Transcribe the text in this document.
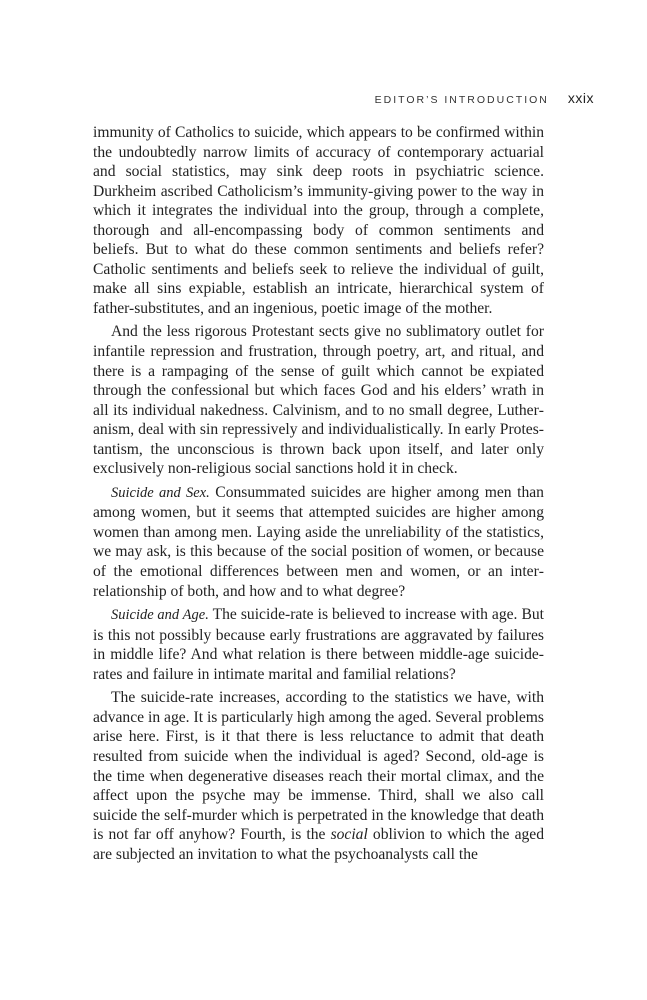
EDITOR’S INTRODUCTION xxix

immunity of Catholics to suicide, which appears to be confirmed within the undoubtedly narrow limits of accuracy of contemporary actuarial and social statistics, may sink deep roots in psychiatric science. Durkheim ascribed Catholicism’s immunity-giving power to the way in which it integrates the individual into the group, through a complete, thorough and all-encompassing body of common sentiments and beliefs. But to what do these common sentiments and beliefs refer? Catholic sentiments and beliefs seek to relieve the individual of guilt, make all sins expiable, establish an intricate, hierarchical system of father-substitutes, and an ingenious, poetic image of the mother.

And the less rigorous Protestant sects give no sublimatory outlet for infantile repression and frustration, through poetry, art, and ritual, and there is a rampaging of the sense of guilt which cannot be expiated through the confessional but which faces God and his elders’ wrath in all its individual nakedness. Calvinism, and to no small degree, Lutheranism, deal with sin repressively and individualistically. In early Protestantism, the unconscious is thrown back upon itself, and later only exclusively non-religious social sanctions hold it in check.

Suicide and Sex. Consummated suicides are higher among men than among women, but it seems that attempted suicides are higher among women than among men. Laying aside the unreliability of the statistics, we may ask, is this because of the social position of women, or because of the emotional differences between men and women, or an interrelationship of both, and how and to what degree?

Suicide and Age. The suicide-rate is believed to increase with age. But is this not possibly because early frustrations are aggravated by failures in middle life? And what relation is there between middle-age suicide-rates and failure in intimate marital and familial relations?

The suicide-rate increases, according to the statistics we have, with advance in age. It is particularly high among the aged. Several problems arise here. First, is it that there is less reluctance to admit that death resulted from suicide when the individual is aged? Second, old-age is the time when degenerative diseases reach their mortal climax, and the affect upon the psyche may be immense. Third, shall we also call suicide the self-murder which is perpetrated in the knowledge that death is not far off anyhow? Fourth, is the social oblivion to which the aged are subjected an invitation to what the psychoanalysts call the
